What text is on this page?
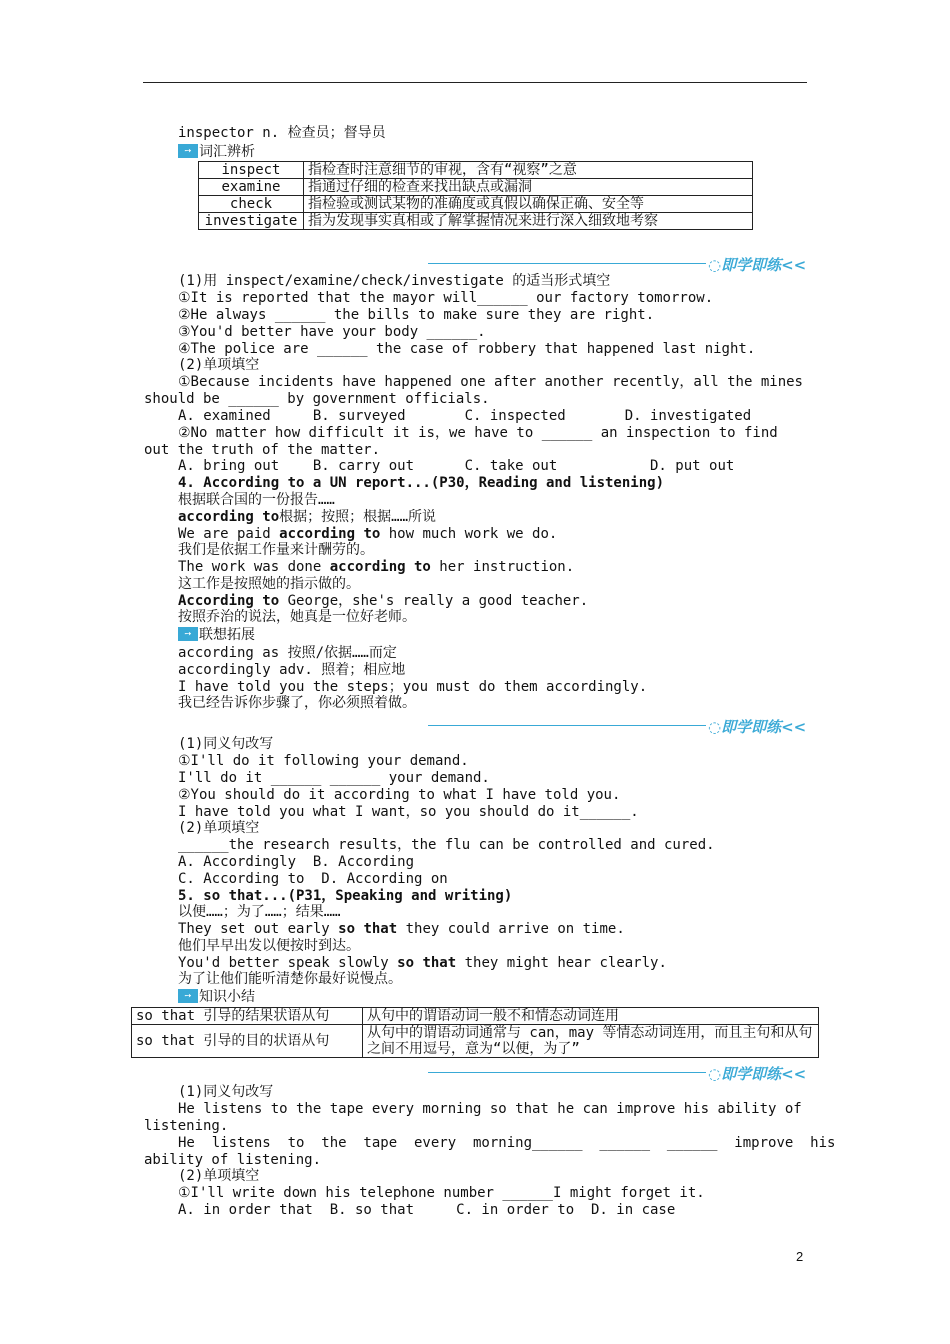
inspector n. 检查员；督导员
➙ 词汇辨析
inspect	指检查时注意细节的审视，含有“视察”之意
examine	指通过仔细的检查来找出缺点或漏洞
check	指检验或测试某物的准确度或真假以确保正确、安全等
investigate	指为发现事实真相或了解掌握情况来进行深入细致地考察
◌即学即练<<
(1)用 inspect/examine/check/investigate 的适当形式填空
①It is reported that the mayor will______ our factory tomorrow.
②He always ______ the bills to make sure they are right.
③You'd better have your body ______.
④The police are ______ the case of robbery that happened last night.
(2)单项填空
①Because incidents have happened one after another recently，all the mines
should be ______ by government officials.
A. examined     B. surveyed       C. inspected       D. investigated
②No matter how difficult it is，we have to ______ an inspection to find
out the truth of the matter.
A. bring out    B. carry out      C. take out           D. put out
4. According to a UN report...(P30，Reading and listening)
根据联合国的一份报告……
according to根据；按照；根据……所说
We are paid according to how much work we do.
我们是依据工作量来计酬劳的。
The work was done according to her instruction.
这工作是按照她的指示做的。
According to George，she's really a good teacher.
按照乔治的说法，她真是一位好老师。
➙ 联想拓展
according as 按照/依据……而定
accordingly adv. 照着；相应地
I have told you the steps；you must do them accordingly.
我已经告诉你步骤了，你必须照着做。
◌即学即练<<
(1)同义句改写
①I'll do it following your demand.
I'll do it ______ ______ your demand.
②You should do it according to what I have told you.
I have told you what I want，so you should do it______.
(2)单项填空
______the research results，the flu can be controlled and cured.
A. Accordingly  B. According
C. According to  D. According on
5. so that...(P31，Speaking and writing)
以便……；为了……；结果……
They set out early so that they could arrive on time.
他们早早出发以便按时到达。
You'd better speak slowly so that they might hear clearly.
为了让他们能听清楚你最好说慢点。
➙ 知识小结
so that 引导的结果状语从句	从句中的谓语动词一般不和情态动词连用
so that 引导的目的状语从句	从句中的谓语动词通常与 can，may 等情态动词连用，而且主句和从句之间不用逗号，意为“以便，为了”
◌即学即练<<
(1)同义句改写
He listens to the tape every morning so that he can improve his ability of
listening.
He  listens  to  the  tape  every  morning______  ______  ______  improve  his
ability of listening.
(2)单项填空
①I'll write down his telephone number ______I might forget it.
A. in order that  B. so that     C. in order to  D. in case
2
